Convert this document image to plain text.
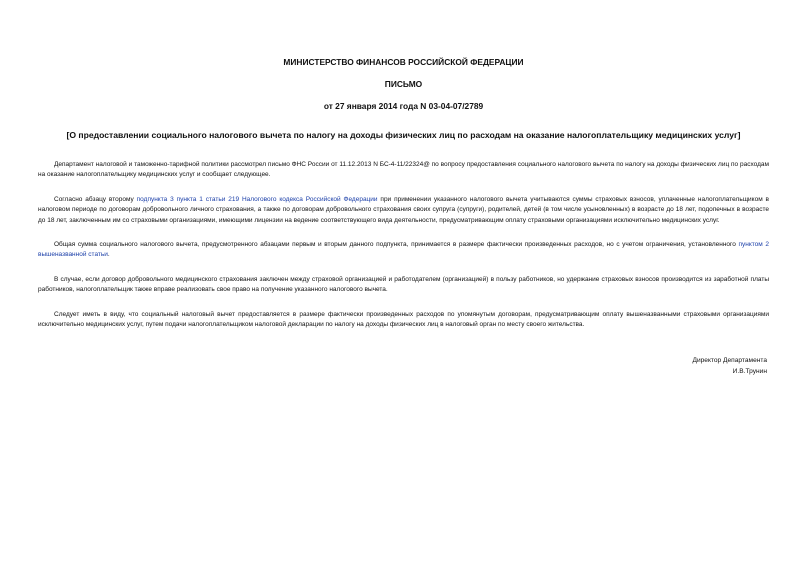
МИНИСТЕРСТВО ФИНАНСОВ РОССИЙСКОЙ ФЕДЕРАЦИИ
ПИСЬМО
от 27 января 2014 года N 03-04-07/2789
[О предоставлении социального налогового вычета по налогу на доходы физических лиц по расходам на оказание налогоплательщику медицинских услуг]

Департамент налоговой и таможенно-тарифной политики рассмотрел письмо ФНС России от 11.12.2013 N БС-4-11/22324@ по вопросу предоставления социального налогового вычета по налогу на доходы физических лиц по расходам на оказание налогоплательщику медицинских услуг и сообщает следующее.

Согласно абзацу второму подпункта 3 пункта 1 статьи 219 Налогового кодекса Российской Федерации при применении указанного налогового вычета учитываются суммы страховых взносов, уплаченные налогоплательщиком в налоговом периоде по договорам добровольного личного страхования, а также по договорам добровольного страхования своих супруга (супруги), родителей, детей (в том числе усыновленных) в возрасте до 18 лет, подопечных в возрасте до 18 лет, заключенным им со страховыми организациями, имеющими лицензии на ведение соответствующего вида деятельности, предусматривающим оплату страховыми организациями исключительно медицинских услуг.

Общая сумма социального налогового вычета, предусмотренного абзацами первым и вторым данного подпункта, принимается в размере фактически произведенных расходов, но с учетом ограничения, установленного пунктом 2 вышеназванной статьи.

В случае, если договор добровольного медицинского страхования заключен между страховой организацией и работодателем (организацией) в пользу работников, но удержание страховых взносов производится из заработной платы работников, налогоплательщик также вправе реализовать свое право на получение указанного налогового вычета.

Следует иметь в виду, что социальный налоговый вычет предоставляется в размере фактически произведенных расходов по упомянутым договорам, предусматривающим оплату вышеназванными страховыми организациями исключительно медицинских услуг, путем подачи налогоплательщиком налоговой декларации по налогу на доходы физических лиц в налоговый орган по месту своего жительства.

Директор Департамента
И.В.Трунин
